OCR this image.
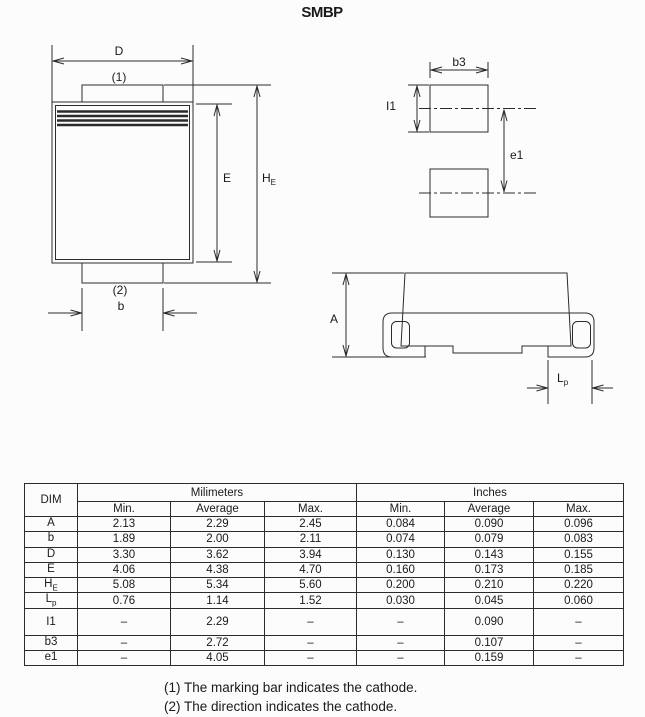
SMBP
D
(1)
E	$H_E$
(2)
b
b3
I1
e1
A
$L_p$
DIM	Milimeters			Inches		
	Min.	Average	Max.	Min.	Average	Max.
A	2.13	2.29	2.45	0.084	0.090	0.096
b	1.89	2.00	2.11	0.074	0.079	0.083
D	3.30	3.62	3.94	0.130	0.143	0.155
E	4.06	4.38	4.70	0.160	0.173	0.185
$H_E$	5.08	5.34	5.60	0.200	0.210	0.220
$L_p$	0.76	1.14	1.52	0.030	0.045	0.060
I1	–	2.29	–	–	0.090	–
b3	–	2.72	–	–	0.107	–
e1	–	4.05	–	–	0.159	–
(1) The marking bar indicates the cathode.
(2) The direction indicates the cathode.
